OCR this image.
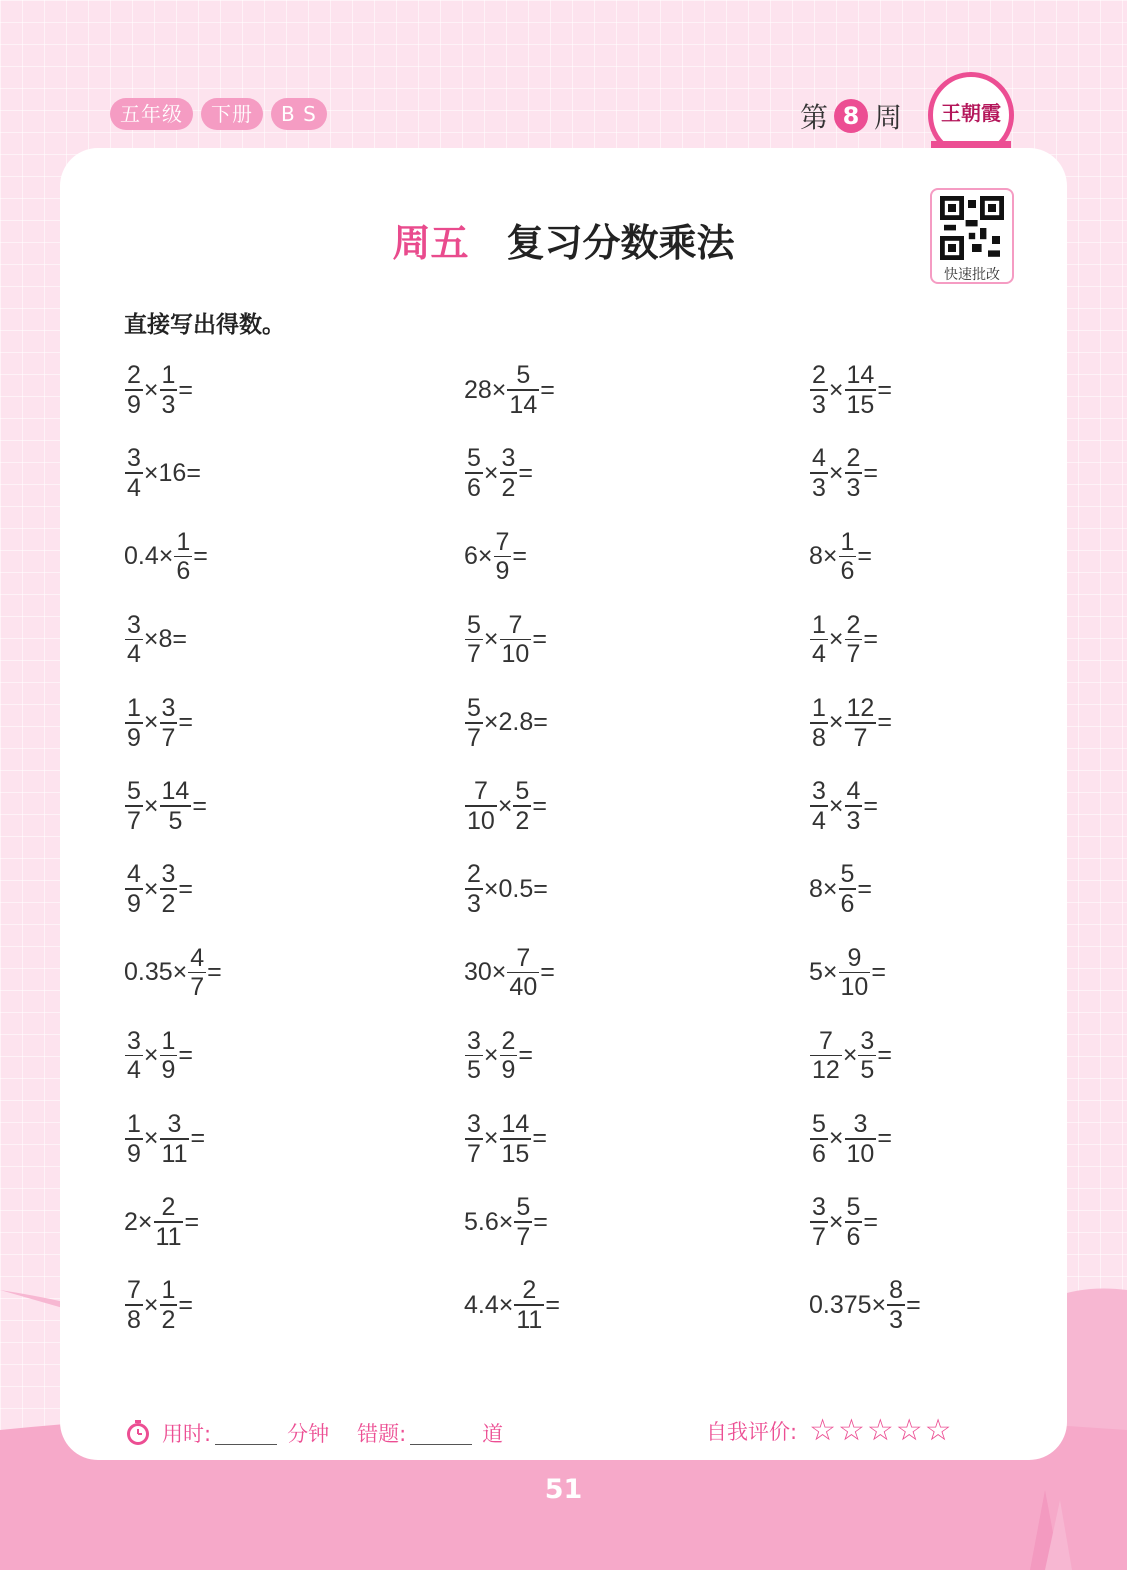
五年级	下册	B S	第 8 周 王朝霞
周五 复习分数乘法
快速批改
直接写出得数。
$\frac{2}{9} \times \frac{1}{3}$ =	$28\times \frac{5}{14}$ =	$\frac{2}{3} \times \frac{14}{15}$ =
$\frac{3}{4} \times 16=$	$\frac{5}{6} \times \frac{3}{2}$ =	$\frac{4}{3} \times \frac{2}{3}$ =
$0.4\times \frac{1}{6}$ =	$6\times \frac{7}{9}$ =	$8\times \frac{1}{6}$ =
$\frac{3}{4} \times 8=$	$\frac{5}{7} \times \frac{7}{10}$ =	$\frac{1}{4} \times \frac{2}{7}$ =
$\frac{1}{9} \times \frac{3}{7}$ =	$\frac{5}{7} \times 2.8=$	$\frac{1}{8} \times \frac{12}{7}$ =
$\frac{5}{7} \times \frac{14}{5}$ =	$\frac{7}{10} \times \frac{5}{2}$ =	$\frac{3}{4} \times \frac{4}{3}$ =
$\frac{4}{9} \times \frac{3}{2}$ =	$\frac{2}{3} \times 0.5=$	$8\times \frac{5}{6}$ =
$0.35\times \frac{4}{7}$ =	$30\times \frac{7}{40}$ =	$5\times \frac{9}{10}$ =
$\frac{3}{4} \times \frac{1}{9}$ =	$\frac{3}{5} \times \frac{2}{9}$ =	$\frac{7}{12} \times \frac{3}{5}$ =
$\frac{1}{9} \times \frac{3}{11}$ =	$\frac{3}{7} \times \frac{14}{15}$ =	$\frac{5}{6} \times \frac{3}{10}$ =
$2\times \frac{2}{11}$ =	$5.6\times \frac{5}{7}$ =	$\frac{3}{7} \times \frac{5}{6}$ =
$\frac{7}{8} \times \frac{1}{2}$ =	$4.4\times \frac{2}{11}$ =	$0.375\times \frac{8}{3}$ =
用时:	分钟 错题:	道	自我评价: ☆☆☆☆☆
51
